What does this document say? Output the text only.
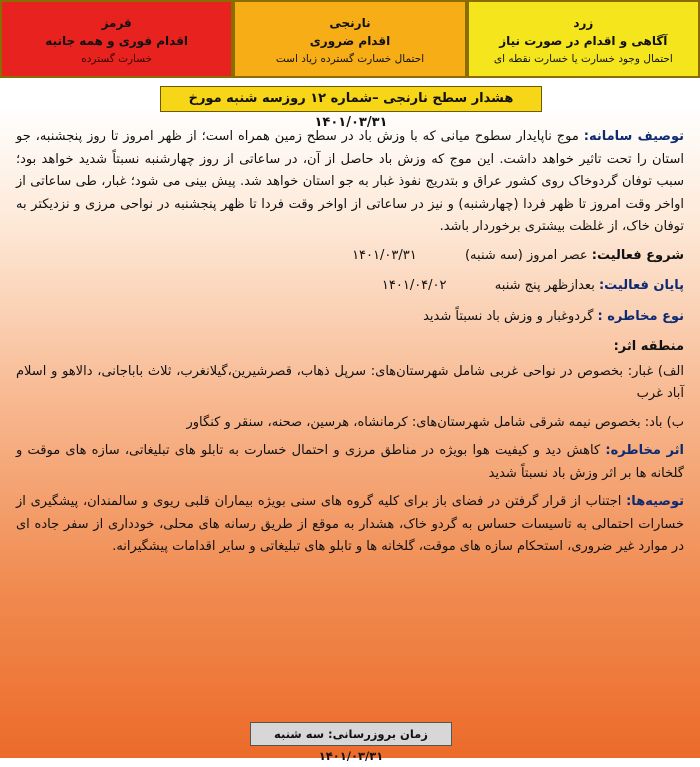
زرد
آگاهی و اقدام در صورت نیاز
احتمال وجود خسارت یا خسارت نقطه ای
نارنجی
اقدام ضروری
احتمال خسارت گسترده زیاد است
قرمز
اقدام فوری و همه جانبه
خسارت گسترده
هشدار سطح نارنجی –شماره ۱۲ روزسه شنبه مورخ ۱۴۰۱/۰۳/۳۱

توصیف سامانه: موج ناپایدار سطوح میانی که با وزش باد در سطح زمین همراه است؛ از ظهر امروز تا روز پنجشنبه، جو استان را تحت تاثیر خواهد داشت. این موج که وزش باد حاصل از آن، در ساعاتی از روز چهارشنبه نسبتاً شدید خواهد بود؛ سبب توفان گردوخاک روی کشور عراق و بتدریج نفوذ غبار به جو استان خواهد شد. پیش بینی می شود؛ غبار، طی ساعاتی از اواخر وقت امروز تا ظهر فردا (چهارشنبه) و نیز در ساعاتی از اواخر وقت فردا تا ظهر پنجشنبه در نواحی مرزی و نزدیکتر به توفان خاک، از غلظت بیشتری برخوردار باشد.

شروع فعالیت: عصر امروز (سه شنبه)  ۱۴۰۱/۰۳/۳۱
پایان فعالیت: بعدازظهر پنج شنبه  ۱۴۰۱/۰۴/۰۲
نوع مخاطره : گردوغبار و وزش باد نسبتاً شدید
منطقه اثر:

الف) غبار: بخصوص در نواحی غربی شامل شهرستان‌های: سرپل ذهاب، قصرشیرین،گیلانغرب، ثلاث باباجانی، دالاهو و اسلام آباد غرب

ب) باد: بخصوص نیمه شرقی شامل شهرستان‌های: کرمانشاه، هرسین، صحنه، سنقر و کنگاور

اثر مخاطره: کاهش دید و کیفیت هوا بویژه در مناطق مرزی و احتمال خسارت به تابلو های تبلیغاتی، سازه های موقت و گلخانه ها بر اثر وزش باد نسبتاً شدید

توصیه‌ها: اجتناب از قرار گرفتن در فضای باز برای کلیه گروه های سنی بویژه بیماران قلبی ریوی و سالمندان، پیشگیری از خسارات احتمالی به تاسیسات حساس به گردو خاک، هشدار به موقع از طریق رسانه های محلی، خودداری از سفر جاده ای در موارد غیر ضروری، استحکام سازه های موقت، گلخانه ها و تابلو های تبلیغاتی و سایر اقدامات پیشگیرانه.

زمان بروزرسانی: سه شنبه ۱۴۰۱/۰۳/۳۱
